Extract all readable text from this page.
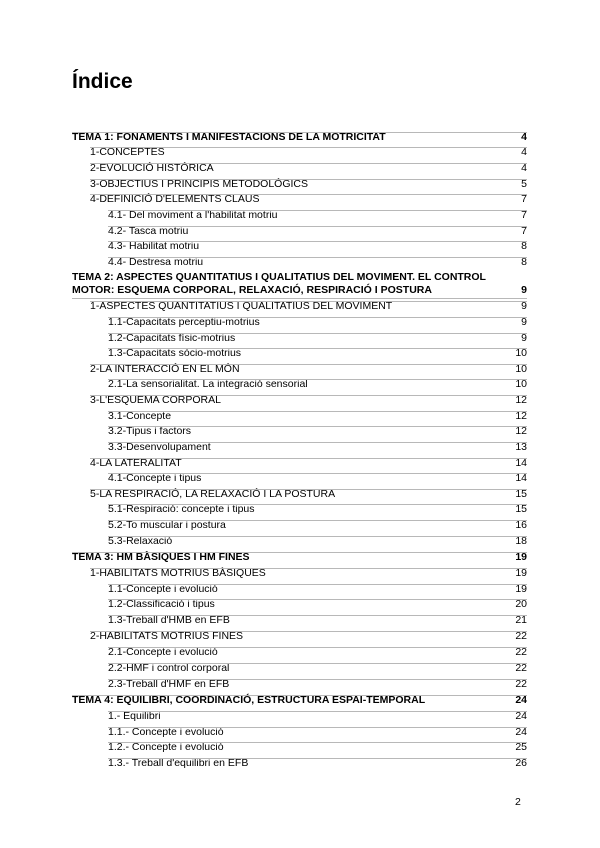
Índice
TEMA 1: FONAMENTS I MANIFESTACIONS DE LA MOTRICITAT	4
1-CONCEPTES	4
2-EVOLUCIÓ HISTÓRICA	4
3-OBJECTIUS I PRINCIPIS METODOLÓGICS	5
4-DEFINICIÓ D'ELEMENTS CLAUS	7
4.1- Del moviment a l'habilitat motriu	7
4.2- Tasca motriu	7
4.3- Habilitat motriu	8
4.4- Destresa motriu	8
TEMA 2: ASPECTES QUANTITATIUS I QUALITATIUS DEL MOVIMENT. EL CONTROL MOTOR: ESQUEMA CORPORAL, RELAXACIÓ, RESPIRACIÓ I POSTURA	9
1-ASPECTES QUANTITATIUS I QUALITATIUS DEL MOVIMENT	9
1.1-Capacitats perceptiu-motrius	9
1.2-Capacitats físic-motrius	9
1.3-Capacitats sòcio-motrius	10
2-LA INTERACCIÓ EN EL MÓN	10
2.1-La sensorialitat. La integració sensorial	10
3-L'ESQUEMA CORPORAL	12
3.1-Concepte	12
3.2-Tipus i factors	12
3.3-Desenvolupament	13
4-LA LATERALITAT	14
4.1-Concepte i tipus	14
5-LA RESPIRACIÓ, LA RELAXACIÓ I LA POSTURA	15
5.1-Respiració: concepte i tipus	15
5.2-To muscular i postura	16
5.3-Relaxació	18
TEMA 3: HM BÀSIQUES I HM FINES	19
1-HABILITATS MOTRIUS BÀSIQUES	19
1.1-Concepte i evolució	19
1.2-Classificació i tipus	20
1.3-Treball d'HMB en EFB	21
2-HABILITATS MOTRIUS FINES	22
2.1-Concepte i evolució	22
2.2-HMF i control corporal	22
2.3-Treball d'HMF en EFB	22
TEMA 4: EQUILIBRI, COORDINACIÓ, ESTRUCTURA ESPAI-TEMPORAL	24
1.- Equilibri	24
1.1.- Concepte i evolució	24
1.2.- Concepte i evolució	25
1.3.- Treball d'equilibri en EFB	26
2
